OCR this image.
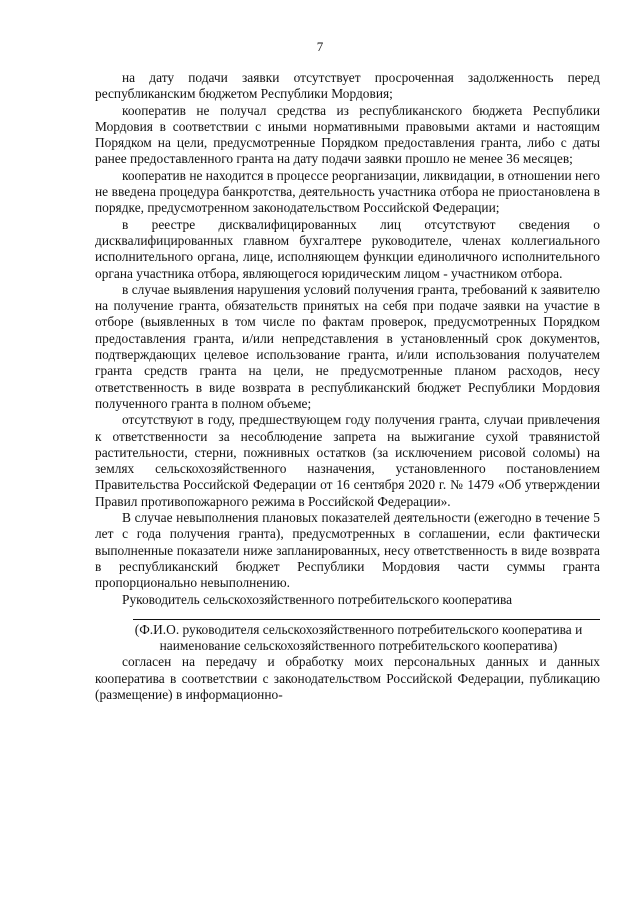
7

на дату подачи заявки отсутствует просроченная задолженность перед республиканским бюджетом Республики Мордовия;

кооператив не получал средства из республиканского бюджета Республики Мордовия в соответствии с иными нормативными правовыми актами и настоящим Порядком на цели, предусмотренные Порядком предоставления гранта, либо с даты ранее предоставленного гранта на дату подачи заявки прошло не менее 36 месяцев;

кооператив не находится в процессе реорганизации, ликвидации, в отношении него не введена процедура банкротства, деятельность участника отбора не приостановлена в порядке, предусмотренном законодательством Российской Федерации;

в реестре дисквалифицированных лиц отсутствуют сведения о дисквалифицированных главном бухгалтере руководителе, членах коллегиального исполнительного органа, лице, исполняющем функции единоличного исполнительного органа участника отбора, являющегося юридическим лицом - участником отбора.

в случае выявления нарушения условий получения гранта, требований к заявителю на получение гранта, обязательств принятых на себя при подаче заявки на участие в отборе (выявленных в том числе по фактам проверок, предусмотренных Порядком предоставления гранта, и/или непредставления в установленный срок документов, подтверждающих целевое использование гранта, и/или использования получателем гранта средств гранта на цели, не предусмотренные планом расходов, несу ответственность в виде возврата в республиканский бюджет Республики Мордовия полученного гранта в полном объеме;

отсутствуют в году, предшествующем году получения гранта, случаи привлечения к ответственности за несоблюдение запрета на выжигание сухой травянистой растительности, стерни, пожнивных остатков (за исключением рисовой соломы) на землях сельскохозяйственного назначения, установленного постановлением Правительства Российской Федерации от 16 сентября 2020 г. № 1479 «Об утверждении Правил противопожарного режима в Российской Федерации».

В случае невыполнения плановых показателей деятельности (ежегодно в течение 5 лет с года получения гранта), предусмотренных в соглашении, если фактически выполненные показатели ниже запланированных, несу ответственность в виде возврата в республиканский бюджет Республики Мордовия части суммы гранта пропорционально невыполнению.

Руководитель сельскохозяйственного потребительского кооператива

(Ф.И.О. руководителя сельскохозяйственного потребительского кооператива и наименование сельскохозяйственного потребительского кооператива)

согласен на передачу и обработку моих персональных данных и данных кооператива в соответствии с законодательством Российской Федерации, публикацию (размещение) в информационно-
